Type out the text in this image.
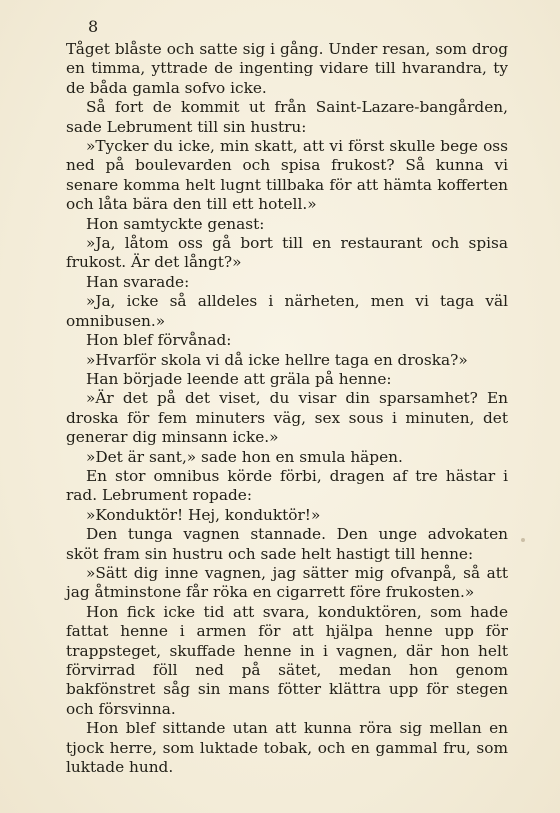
8

Tåget blåste och satte sig i gång. Under resan, som drog en timma, yttrade de ingenting vidare till hvarandra, ty de båda gamla sofvo icke.

Så fort de kommit ut från Saint-Lazare-bangården, sade Lebrument till sin hustru:

»Tycker du icke, min skatt, att vi först skulle bege oss ned på boulevarden och spisa frukost? Så kunna vi senare komma helt lugnt tillbaka för att hämta kofferten och låta bära den till ett hotell.»

Hon samtyckte genast:

»Ja, låtom oss gå bort till en restaurant och spisa frukost. Är det långt?»

Han svarade:

»Ja, icke så alldeles i närheten, men vi taga väl omnibusen.»

Hon blef förvånad:

»Hvarför skola vi då icke hellre taga en droska?»

Han började leende att gräla på henne:

»Är det på det viset, du visar din sparsamhet? En droska för fem minuters väg, sex sous i minuten, det generar dig minsann icke.»

»Det är sant,» sade hon en smula häpen.

En stor omnibus körde förbi, dragen af tre hästar i rad. Lebrument ropade:

»Konduktör! Hej, konduktör!»

Den tunga vagnen stannade. Den unge advokaten sköt fram sin hustru och sade helt hastigt till henne:

»Sätt dig inne vagnen, jag sätter mig ofvanpå, så att jag åtminstone får röka en cigarrett före frukosten.»

Hon fick icke tid att svara, konduktören, som hade fattat henne i armen för att hjälpa henne upp för trappsteget, skuffade henne in i vagnen, där hon helt förvirrad föll ned på sätet, medan hon genom bakfönstret såg sin mans fötter klättra upp för stegen och försvinna.

Hon blef sittande utan att kunna röra sig mellan en tjock herre, som luktade tobak, och en gammal fru, som luktade hund.
